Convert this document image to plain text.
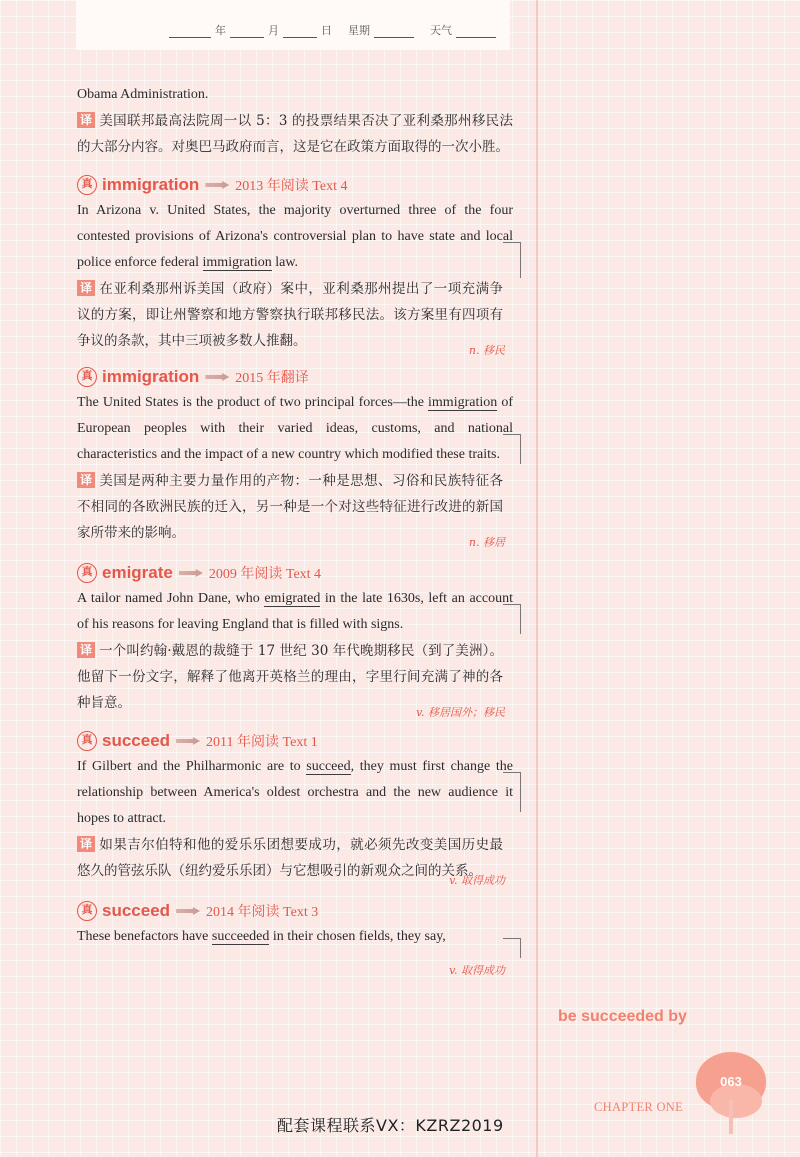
年	月	日 星期	天气

Obama Administration.

译 美国联邦最高法院周一以 5：3 的投票结果否决了亚利桑那州移民法的大部分内容。对奥巴马政府而言，这是它在政策方面取得的一次小胜。

真 immigration	2013 年阅读 Text 4

In Arizona v. United States, the majority overturned three of the four contested provisions of Arizona's controversial plan to have state and local police enforce federal immigration law.

译 在亚利桑那州诉美国（政府）案中，亚利桑那州提出了一项充满争议的方案，即让州警察和地方警察执行联邦移民法。该方案里有四项有争议的条款，其中三项被多数人推翻。

n. 移民
真 immigration	2015 年翻译

The United States is the product of two principal forces—the immigration of European peoples with their varied ideas, customs, and national characteristics and the impact of a new country which modified these traits.

译 美国是两种主要力量作用的产物：一种是思想、习俗和民族特征各不相同的各欧洲民族的迁入，另一种是一个对这些特征进行改进的新国家所带来的影响。

n. 移居
真 emigrate	2009 年阅读 Text 4

A tailor named John Dane, who emigrated in the late 1630s, left an account of his reasons for leaving England that is filled with signs.

译 一个叫约翰·戴恩的裁缝于 17 世纪 30 年代晚期移民（到了美洲）。他留下一份文字，解释了他离开英格兰的理由，字里行间充满了神的各种旨意。

v. 移居国外；移民
真 succeed	2011 年阅读 Text 1

If Gilbert and the Philharmonic are to succeed, they must first change the relationship between America's oldest orchestra and the new audience it hopes to attract.

译 如果吉尔伯特和他的爱乐乐团想要成功，就必须先改变美国历史最悠久的管弦乐队（纽约爱乐乐团）与它想吸引的新观众之间的关系。

v. 取得成功
真 succeed	2014 年阅读 Text 3

These benefactors have succeeded in their chosen fields, they say,

v. 取得成功
be succeeded by
063
CHAPTER ONE
配套课程联系VX：KZRZ2019
